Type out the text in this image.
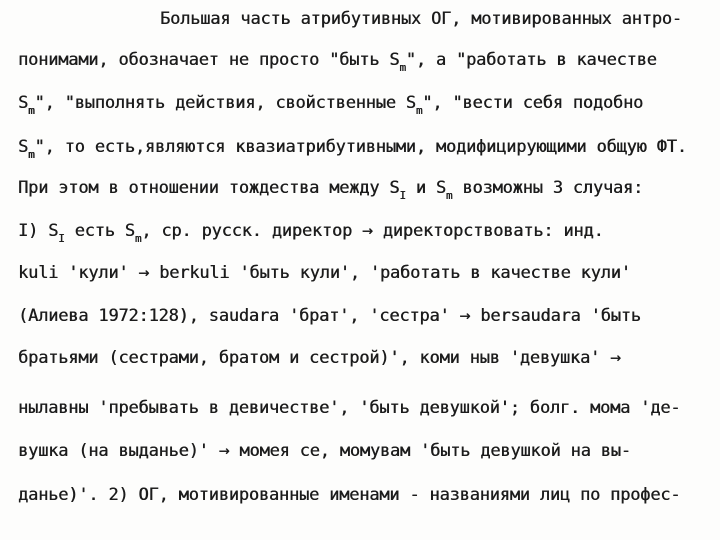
Большая часть атрибутивных ОГ, мотивированных антро-
понимами, обозначает не просто "быть $S_m$", а "работать в качестве
$S_m$", "выполнять действия, свойственные $S_m$", "вести себя подобно
$S_m$", то есть,являются квазиатрибутивными, модифицирующими общую ФТ.
При этом в отношении тождества между $S_I$ и $S_m$ возможны 3 случая:
I) $S_I$ есть $S_m$, ср. русск. директор → директорствовать: инд.
kuli 'кули' → berkuli 'быть кули', 'работать в качестве кули'
(Алиева 1972:128), saudara 'брат', 'сестра' → bersaudara 'быть
братьями (сестрами, братом и сестрой)', коми ныв 'девушка' →
нылавны 'пребывать в девичестве', 'быть девушкой'; болг. мома 'де-
вушка (на выданье)' → момея се, момувам 'быть девушкой на вы-
данье)'. 2) ОГ, мотивированные именами - названиями лиц по профес-
